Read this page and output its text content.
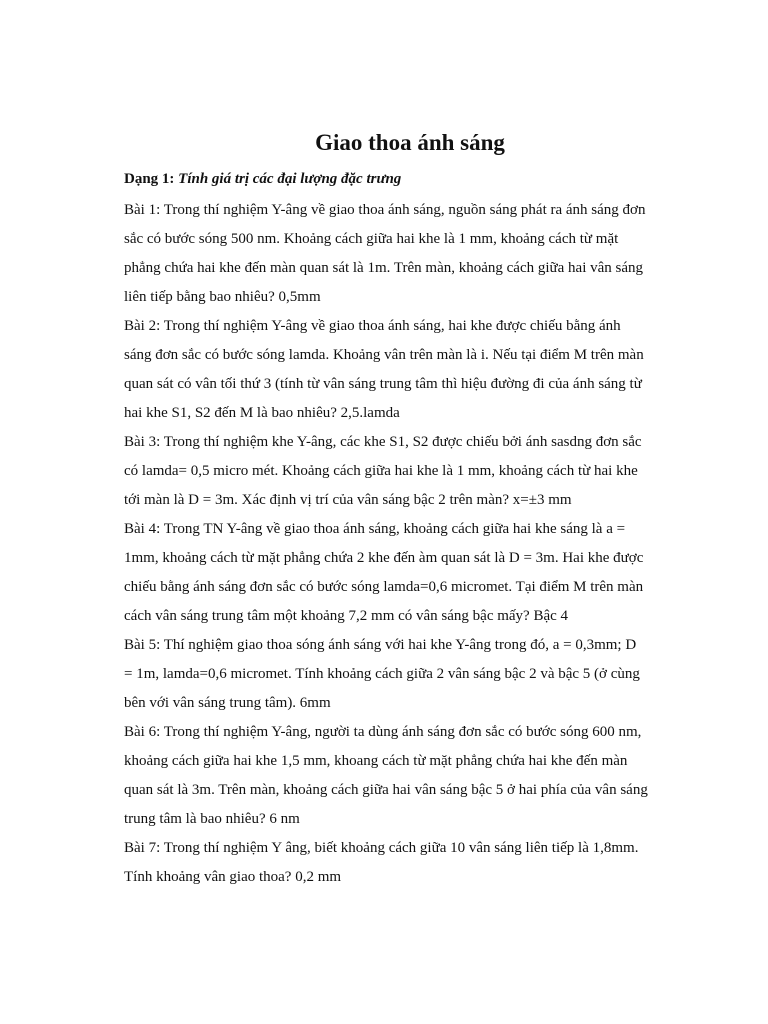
Giao thoa ánh sáng

Dạng 1: Tính giá trị các đại lượng đặc trưng

Bài 1: Trong thí nghiệm Y-âng về giao thoa ánh sáng, nguồn sáng phát ra ánh sáng đơn
sắc có bước sóng 500 nm. Khoảng cách giữa hai khe là 1 mm, khoảng cách từ mặt
phẳng chứa hai khe đến màn quan sát là 1m. Trên màn, khoảng cách giữa hai vân sáng
liên tiếp bằng bao nhiêu? 0,5mm

Bài 2: Trong thí nghiệm Y-âng về giao thoa ánh sáng, hai khe được chiếu bằng ánh
sáng đơn sắc có bước sóng lamda. Khoảng vân trên màn là i. Nếu tại điểm M trên màn
quan sát có vân tối thứ 3 (tính từ vân sáng trung tâm thì hiệu đường đi của ánh sáng từ
hai khe S1, S2 đến M là bao nhiêu? 2,5.lamda

Bài 3: Trong thí nghiệm khe Y-âng, các khe S1, S2 được chiếu bởi ánh sasdng đơn sắc
có lamda= 0,5 micro mét. Khoảng cách giữa hai khe là 1 mm, khoảng cách từ hai khe
tới màn là D = 3m. Xác định vị trí của vân sáng bậc 2 trên màn? x=±3 mm

Bài 4: Trong TN Y-âng về giao thoa ánh sáng, khoảng cách giữa hai khe sáng là a =
1mm, khoảng cách từ mặt phẳng chứa 2 khe đến àm quan sát là D = 3m. Hai khe được
chiếu bằng ánh sáng đơn sắc có bước sóng lamda=0,6 micromet. Tại điểm M trên màn
cách vân sáng trung tâm một khoảng 7,2 mm có vân sáng bậc mấy? Bậc 4

Bài 5: Thí nghiệm giao thoa sóng ánh sáng với hai khe Y-âng trong đó, a = 0,3mm; D
= 1m, lamda=0,6 micromet. Tính khoảng cách giữa 2 vân sáng bậc 2 và bậc 5 (ở cùng
bên với vân sáng trung tâm). 6mm

Bài 6: Trong thí nghiệm Y-âng, người ta dùng ánh sáng đơn sắc có bước sóng 600 nm,
khoảng cách giữa hai khe 1,5 mm, khoang cách từ mặt phẳng chứa hai khe đến màn
quan sát là 3m. Trên màn, khoảng cách giữa hai vân sáng bậc 5 ở hai phía của vân sáng
trung tâm là bao nhiêu? 6 nm

Bài 7: Trong thí nghiệm Y âng, biết khoảng cách giữa 10 vân sáng liên tiếp là 1,8mm.
Tính khoảng vân giao thoa? 0,2 mm
